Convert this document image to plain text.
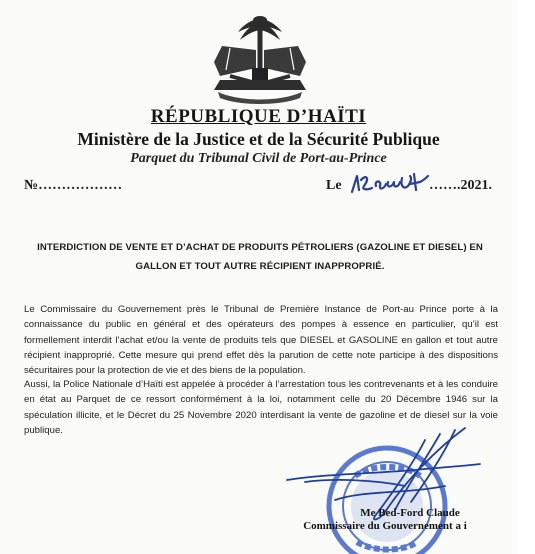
RÉPUBLIQUE D’HAÏTI
Ministère de la Justice et de la Sécurité Publique
Parquet du Tribunal Civil de Port-au-Prince
№………………	Le	…….2021.
INTERDICTION DE VENTE ET D’ACHAT DE PRODUITS PÉTROLIERS (GAZOLINE ET DIESEL) EN GALLON ET TOUT AUTRE RÉCIPIENT INAPPROPRIÉ.
Le Commissaire du Gouvernement près le Tribunal de Première Instance de Port-au Prince porte à la connaissance du public en général et des opérateurs des pompes à essence en particulier, qu’il est formellement interdit l’achat et/ou la vente de produits tels que DIESEL et GASOLINE en gallon et tout autre récipient inapproprié. Cette mesure qui prend effet dès la parution de cette note participe à des dispositions sécuritaires pour la protection de vie et des biens de la population.
Aussi, la Police Nationale d’Haïti est appelée à procéder à l’arrestation tous les contrevenants et à les conduire en état au Parquet de ce ressort conformément à la loi, notamment celle du 20 Décembre 1946 sur la spéculation illicite, et le Décret du 25 Novembre 2020 interdisant la vente de gazoline et de diesel sur la voie publique.
Me Bed-Ford Claude
Commissaire du Gouvernement a i
